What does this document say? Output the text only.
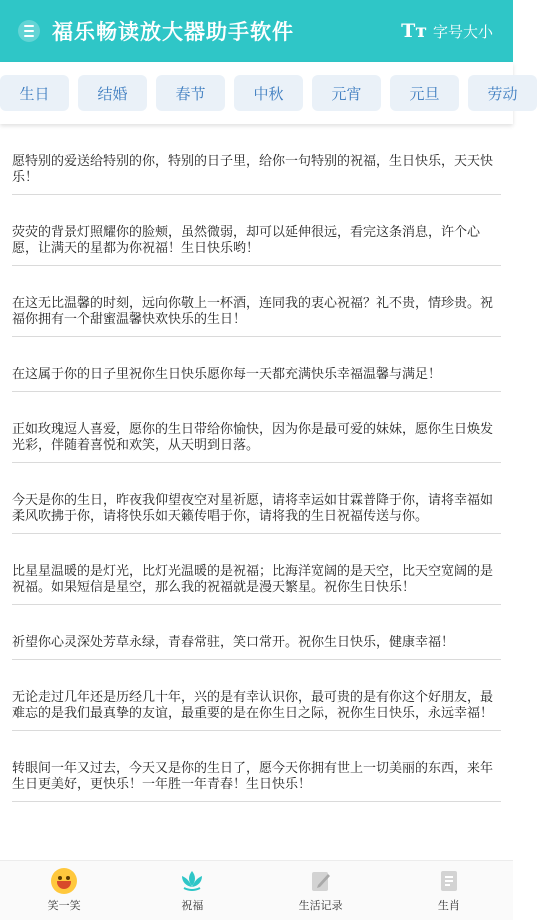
福乐畅读放大器助手软件	Tт 字号大小
生日	结婚	春节	中秋	元宵	元旦	劳动
愿特别的爱送给特别的你，特别的日子里，给你一句特别的祝福，生日快乐，天天快乐！
荧荧的背景灯照耀你的脸颊，虽然微弱，却可以延伸很远，看完这条消息，许个心愿，让满天的星都为你祝福！生日快乐哟！
在这无比温馨的时刻，远向你敬上一杯酒，连同我的衷心祝福？礼不贵，情珍贵。祝福你拥有一个甜蜜温馨快欢快乐的生日！
在这属于你的日子里祝你生日快乐愿你每一天都充满快乐幸福温馨与满足！
正如玫瑰逗人喜爱，愿你的生日带给你愉快，因为你是最可爱的妹妹，愿你生日焕发光彩，伴随着喜悦和欢笑，从天明到日落。
今天是你的生日，昨夜我仰望夜空对星祈愿，请将幸运如甘霖普降于你，请将幸福如柔风吹拂于你，请将快乐如天籁传唱于你，请将我的生日祝福传送与你。
比星星温暖的是灯光，比灯光温暖的是祝福；比海洋宽阔的是天空，比天空宽阔的是祝福。如果短信是星空，那么我的祝福就是漫天繁星。祝你生日快乐！
祈望你心灵深处芳草永绿，青春常驻，笑口常开。祝你生日快乐，健康幸福！
无论走过几年还是历经几十年，兴的是有幸认识你，最可贵的是有你这个好朋友，最难忘的是我们最真挚的友谊，最重要的是在你生日之际，祝你生日快乐，永远幸福！
转眼间一年又过去，今天又是你的生日了，愿今天你拥有世上一切美丽的东西，来年生日更美好，更快乐！一年胜一年青春！生日快乐！
笑一笑	祝福	生活记录	生肖
